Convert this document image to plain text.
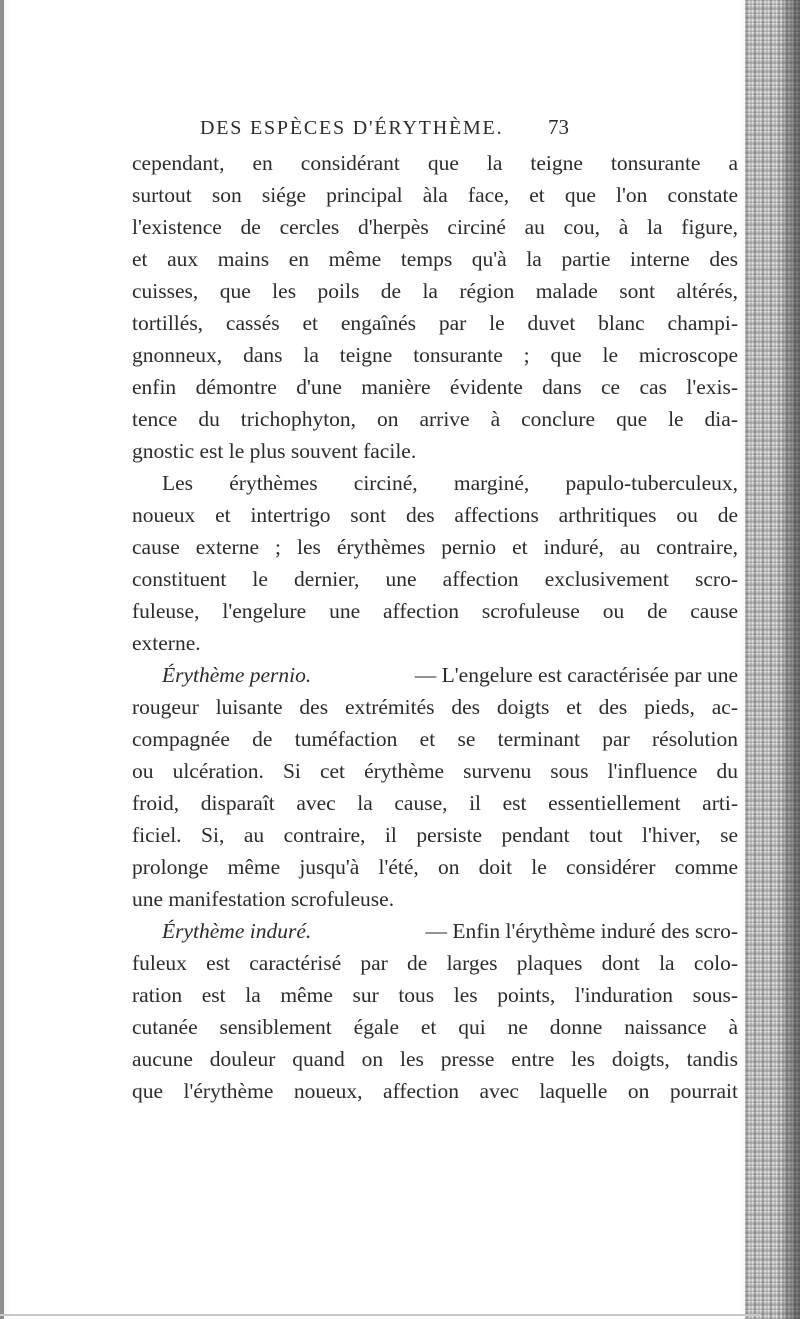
DES ESPÈCES D'ÉRYTHÈME.	73
cependant, en considérant que la teigne tonsurante a
surtout son siége principal àla face, et que l'on constate
l'existence de cercles d'herpès circiné au cou, à la figure,
et aux mains en même temps qu'à la partie interne des
cuisses, que les poils de la région malade sont altérés,
tortillés, cassés et engaînés par le duvet blanc champi-
gnonneux, dans la teigne tonsurante ; que le microscope
enfin démontre d'une manière évidente dans ce cas l'exis-
tence du trichophyton, on arrive à conclure que le dia-
gnostic est le plus souvent facile.
Les érythèmes circiné, marginé, papulo-tuberculeux,
noueux et intertrigo sont des affections arthritiques ou de
cause externe ; les érythèmes pernio et induré, au contraire,
constituent le dernier, une affection exclusivement scro-
fuleuse, l'engelure une affection scrofuleuse ou de cause
externe.
Érythème pernio.	— L'engelure est caractérisée par une
rougeur luisante des extrémités des doigts et des pieds, ac-
compagnée de tuméfaction et se terminant par résolution
ou ulcération. Si cet érythème survenu sous l'influence du
froid, disparaît avec la cause, il est essentiellement arti-
ficiel. Si, au contraire, il persiste pendant tout l'hiver, se
prolonge même jusqu'à l'été, on doit le considérer comme
une manifestation scrofuleuse.
Érythème induré.	— Enfin l'érythème induré des scro-
fuleux est caractérisé par de larges plaques dont la colo-
ration est la même sur tous les points, l'induration sous-
cutanée sensiblement égale et qui ne donne naissance à
aucune douleur quand on les presse entre les doigts, tandis
que l'érythème noueux, affection avec laquelle on pourrait
